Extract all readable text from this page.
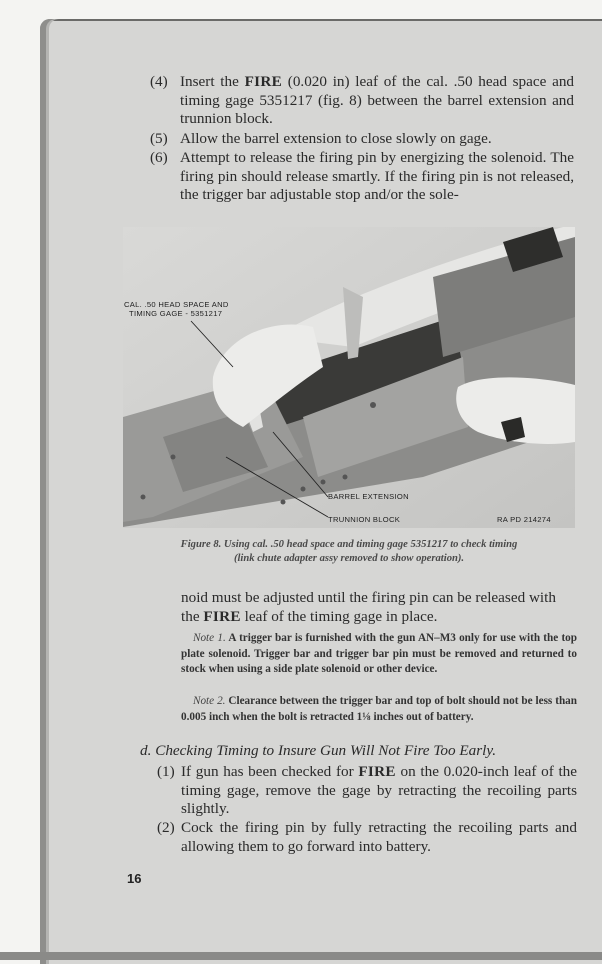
(4) Insert the FIRE (0.020 in) leaf of the cal. .50 head space and timing gage 5351217 (fig. 8) between the barrel extension and trunnion block.
(5) Allow the barrel extension to close slowly on gage.
(6) Attempt to release the firing pin by energizing the solenoid. The firing pin should release smartly. If the firing pin is not released, the trigger bar adjustable stop and/or the sole-
CAL. .50 HEAD SPACE AND
TIMING GAGE - 5351217
BARREL EXTENSION
TRUNNION BLOCK	RA PD 214274
Figure 8. Using cal. .50 head space and timing gage 5351217 to check timing
(link chute adapter assy removed to show operation).
noid must be adjusted until the firing pin can be released with
the FIRE leaf of the timing gage in place.
Note 1. A trigger bar is furnished with the gun AN–M3 only for use with the top plate solenoid. Trigger bar and trigger bar pin must be removed and returned to stock when using a side plate solenoid or other device.
Note 2. Clearance between the trigger bar and top of bolt should not be less than 0.005 inch when the bolt is retracted 1⅛ inches out of battery.
d. Checking Timing to Insure Gun Will Not Fire Too Early.
(1) If gun has been checked for FIRE on the 0.020-inch leaf of the timing gage, remove the gage by retracting the recoiling parts slightly.
(2) Cock the firing pin by fully retracting the recoiling parts and allowing them to go forward into battery.
16
